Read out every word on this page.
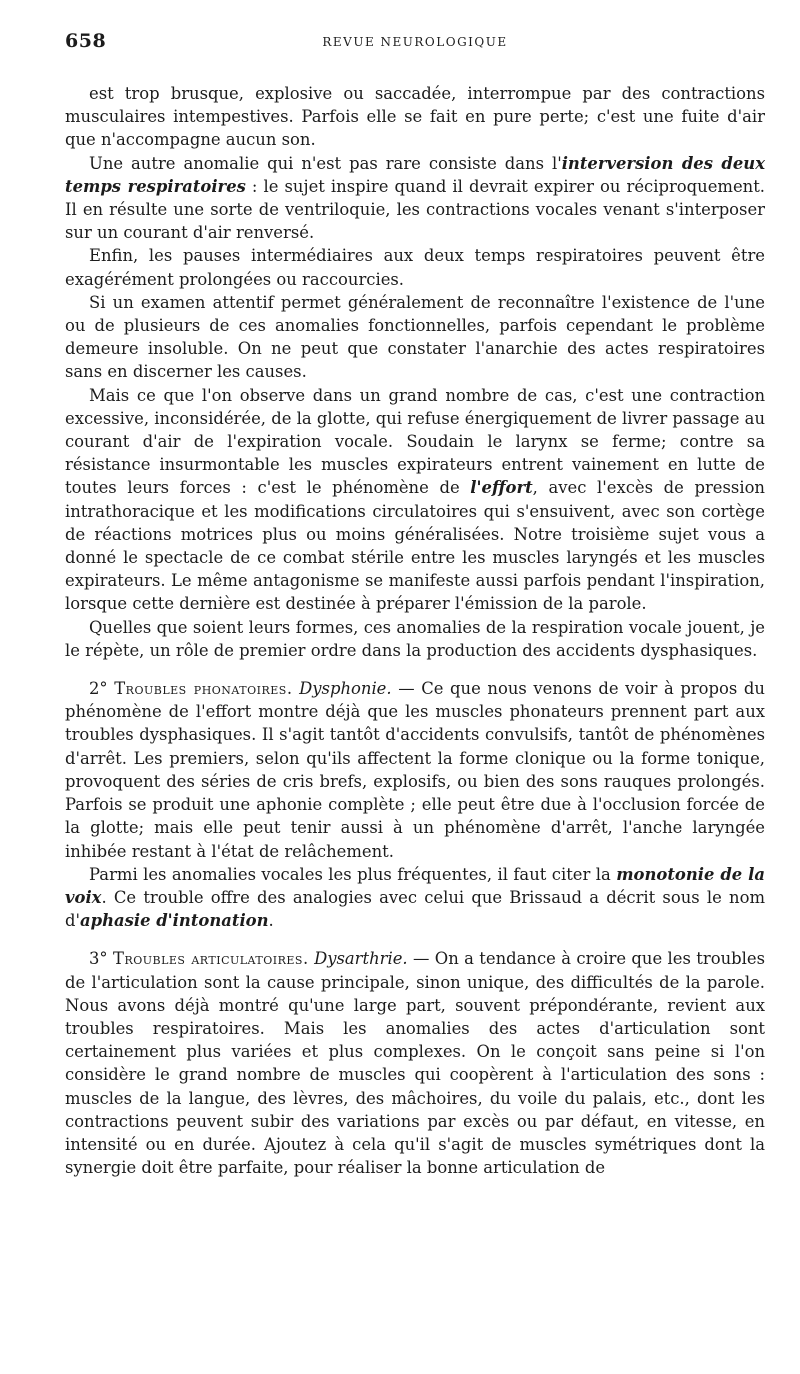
658	REVUE NEUROLOGIQUE

est trop brusque, explosive ou saccadée, interrompue par des contractions musculaires intempestives. Parfois elle se fait en pure perte; c'est une fuite d'air que n'accompagne aucun son.

Une autre anomalie qui n'est pas rare consiste dans l'interversion des deux temps respiratoires : le sujet inspire quand il devrait expirer ou réciproquement. Il en résulte une sorte de ventriloquie, les contractions vocales venant s'interposer sur un courant d'air renversé.

Enfin, les pauses intermédiaires aux deux temps respiratoires peuvent être exagérément prolongées ou raccourcies.

Si un examen attentif permet généralement de reconnaître l'existence de l'une ou de plusieurs de ces anomalies fonctionnelles, parfois cependant le problème demeure insoluble. On ne peut que constater l'anarchie des actes respiratoires sans en discerner les causes.

Mais ce que l'on observe dans un grand nombre de cas, c'est une contraction excessive, inconsidérée, de la glotte, qui refuse énergiquement de livrer passage au courant d'air de l'expiration vocale. Soudain le larynx se ferme; contre sa résistance insurmontable les muscles expirateurs entrent vainement en lutte de toutes leurs forces : c'est le phénomène de l'effort, avec l'excès de pression intrathoracique et les modifications circulatoires qui s'ensuivent, avec son cortège de réactions motrices plus ou moins généralisées. Notre troisième sujet vous a donné le spectacle de ce combat stérile entre les muscles laryngés et les muscles expirateurs. Le même antagonisme se manifeste aussi parfois pendant l'inspiration, lorsque cette dernière est destinée à préparer l'émission de la parole.

Quelles que soient leurs formes, ces anomalies de la respiration vocale jouent, je le répète, un rôle de premier ordre dans la production des accidents dysphasiques.

2° Troubles phonatoires. Dysphonie. — Ce que nous venons de voir à propos du phénomène de l'effort montre déjà que les muscles phonateurs prennent part aux troubles dysphasiques. Il s'agit tantôt d'accidents convulsifs, tantôt de phénomènes d'arrêt. Les premiers, selon qu'ils affectent la forme clonique ou la forme tonique, provoquent des séries de cris brefs, explosifs, ou bien des sons rauques prolongés. Parfois se produit une aphonie complète ; elle peut être due à l'occlusion forcée de la glotte; mais elle peut tenir aussi à un phénomène d'arrêt, l'anche laryngée inhibée restant à l'état de relâchement.

Parmi les anomalies vocales les plus fréquentes, il faut citer la monotonie de la voix. Ce trouble offre des analogies avec celui que Brissaud a décrit sous le nom d'aphasie d'intonation.

3° Troubles articulatoires. Dysarthrie. — On a tendance à croire que les troubles de l'articulation sont la cause principale, sinon unique, des difficultés de la parole. Nous avons déjà montré qu'une large part, souvent prépondérante, revient aux troubles respiratoires. Mais les anomalies des actes d'articulation sont certainement plus variées et plus complexes. On le conçoit sans peine si l'on considère le grand nombre de muscles qui coopèrent à l'articulation des sons : muscles de la langue, des lèvres, des mâchoires, du voile du palais, etc., dont les contractions peuvent subir des variations par excès ou par défaut, en vitesse, en intensité ou en durée. Ajoutez à cela qu'il s'agit de muscles symétriques dont la synergie doit être parfaite, pour réaliser la bonne articulation de
